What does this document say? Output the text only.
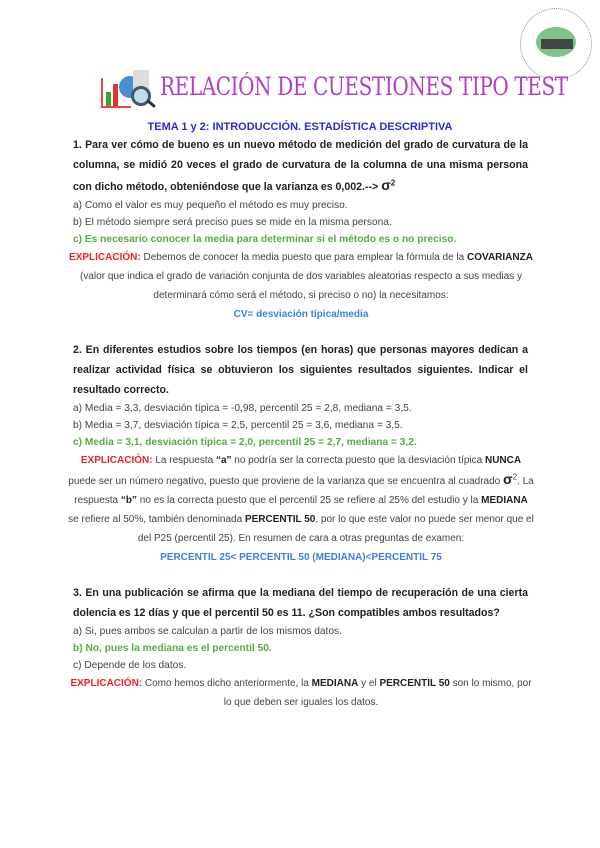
RELACIÓN DE CUESTIONES TIPO TEST
TEMA 1 y 2: INTRODUCCIÓN. ESTADÍSTICA DESCRIPTIVA
1. Para ver cómo de bueno es un nuevo método de medición del grado de curvatura de la columna, se midió 20 veces el grado de curvatura de la columna de una misma persona con dicho método, obteniéndose que la varianza es $0,002.--> \sigma^2$
a) Como el valor es muy pequeño el método es muy preciso.
b) El método siempre será preciso pues se mide en la misma persona.
c) Es necesario conocer la media para determinar si el método es o no preciso.
EXPLICACIÓN: Debemos de conocer la media puesto que para emplear la fórmula de la COVARIANZA (valor que indica el grado de variación conjunta de dos variables aleatorias respecto a sus medias y determinará cómo será el método, si preciso o no) la necesitamos:
CV= desviación típica/media
2. En diferentes estudios sobre los tiempos (en horas) que personas mayores dedican a realizar actividad física se obtuvieron los siguientes resultados siguientes. Indicar el resultado correcto.
a) Media = 3,3, desviación típica = -0,98, percentil 25 = 2,8, mediana = 3,5.
b) Media = 3,7, desviación típica = 2,5, percentil 25 = 3,6, mediana = 3,5.
c) Media = 3,1, desviación típica = 2,0, percentil 25 = 2,7, mediana = 3,2.
EXPLICACIÓN: La respuesta “a” no podría ser la correcta puesto que la desviación típica NUNCA puede ser un número negativo, puesto que proviene de la varianza que se encuentra al cuadrado $\sigma^2$. La respuesta “b” no es la correcta puesto que el percentil 25 se refiere al 25% del estudio y la MEDIANA se refiere al 50%, también denominada PERCENTIL 50, por lo que este valor no puede ser menor que el del P25 (percentil 25). En resumen de cara a otras preguntas de examen:
PERCENTIL 25< PERCENTIL 50 (MEDIANA)<PERCENTIL 75
3. En una publicación se afirma que la mediana del tiempo de recuperación de una cierta dolencia es 12 días y que el percentil 50 es 11. ¿Son compatibles ambos resultados?
a) Si, pues ambos se calculan a partir de los mismos datos.
b) No, pues la mediana es el percentil 50.
c) Depende de los datos.
EXPLICACIÓN: Como hemos dicho anteriormente, la MEDIANA y el PERCENTIL 50 son lo mismo, por lo que deben ser iguales los datos.
